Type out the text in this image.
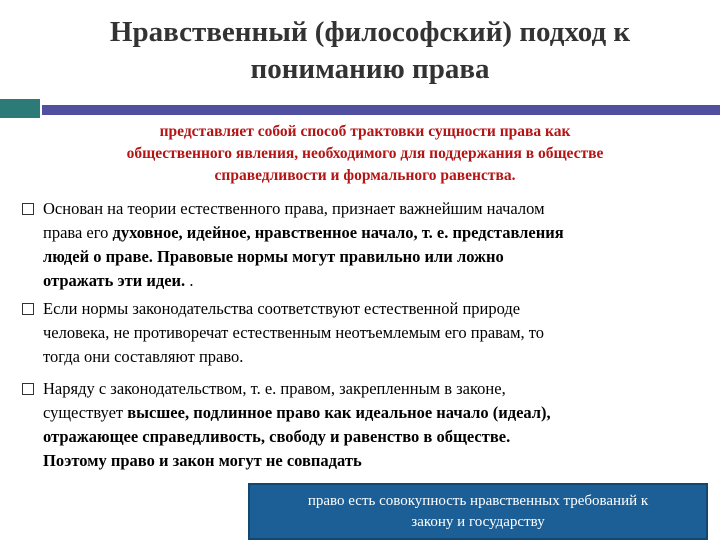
Нравственный (философский) подход к
пониманию права
представляет собой способ трактовки сущности права как
общественного явления, необходимого для поддержания в обществе
справедливости и формального равенства.
Основан на теории естественного права, признает важнейшим началом
права его духовное, идейное, нравственное начало, т. е. представления
людей о праве. Правовые нормы могут правильно или ложно
отражать эти идеи. .
Если нормы законодательства соответствуют естественной природе
человека, не противоречат естественным неотъемлемым его правам, то
тогда они составляют право.
Наряду с законодательством, т. е. правом, закрепленным в законе,
существует высшее, подлинное право как идеальное начало (идеал),
отражающее справедливость, свободу и равенство в обществе.
Поэтому право и закон могут не совпадать
право есть совокупность нравственных требований к
закону и государству
